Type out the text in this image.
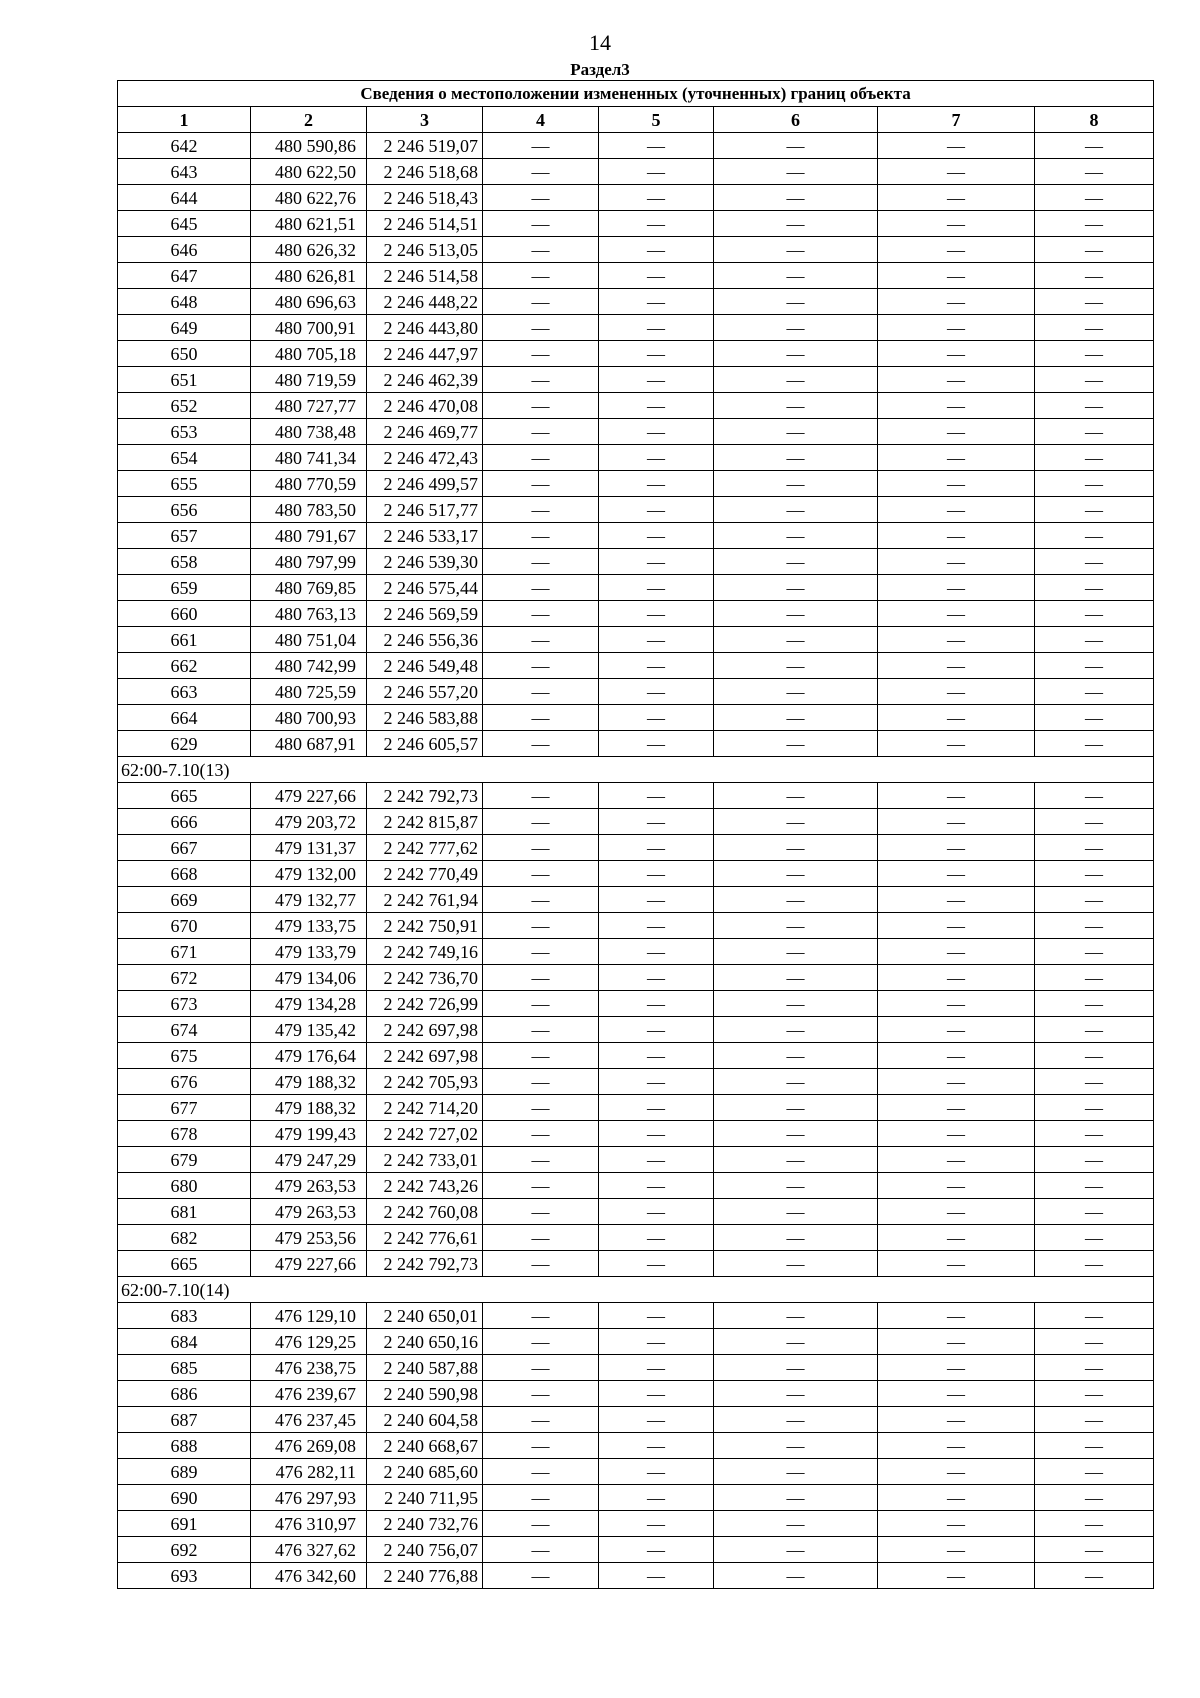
14
Раздел3
Сведения о местоположении измененных (уточненных) границ объекта							
1	2	3	4	5	6	7	8
642	480 590,86	2 246 519,07	—	—	—	—	—
643	480 622,50	2 246 518,68	—	—	—	—	—
644	480 622,76	2 246 518,43	—	—	—	—	—
645	480 621,51	2 246 514,51	—	—	—	—	—
646	480 626,32	2 246 513,05	—	—	—	—	—
647	480 626,81	2 246 514,58	—	—	—	—	—
648	480 696,63	2 246 448,22	—	—	—	—	—
649	480 700,91	2 246 443,80	—	—	—	—	—
650	480 705,18	2 246 447,97	—	—	—	—	—
651	480 719,59	2 246 462,39	—	—	—	—	—
652	480 727,77	2 246 470,08	—	—	—	—	—
653	480 738,48	2 246 469,77	—	—	—	—	—
654	480 741,34	2 246 472,43	—	—	—	—	—
655	480 770,59	2 246 499,57	—	—	—	—	—
656	480 783,50	2 246 517,77	—	—	—	—	—
657	480 791,67	2 246 533,17	—	—	—	—	—
658	480 797,99	2 246 539,30	—	—	—	—	—
659	480 769,85	2 246 575,44	—	—	—	—	—
660	480 763,13	2 246 569,59	—	—	—	—	—
661	480 751,04	2 246 556,36	—	—	—	—	—
662	480 742,99	2 246 549,48	—	—	—	—	—
663	480 725,59	2 246 557,20	—	—	—	—	—
664	480 700,93	2 246 583,88	—	—	—	—	—
629	480 687,91	2 246 605,57	—	—	—	—	—
62:00-7.10(13)							
665	479 227,66	2 242 792,73	—	—	—	—	—
666	479 203,72	2 242 815,87	—	—	—	—	—
667	479 131,37	2 242 777,62	—	—	—	—	—
668	479 132,00	2 242 770,49	—	—	—	—	—
669	479 132,77	2 242 761,94	—	—	—	—	—
670	479 133,75	2 242 750,91	—	—	—	—	—
671	479 133,79	2 242 749,16	—	—	—	—	—
672	479 134,06	2 242 736,70	—	—	—	—	—
673	479 134,28	2 242 726,99	—	—	—	—	—
674	479 135,42	2 242 697,98	—	—	—	—	—
675	479 176,64	2 242 697,98	—	—	—	—	—
676	479 188,32	2 242 705,93	—	—	—	—	—
677	479 188,32	2 242 714,20	—	—	—	—	—
678	479 199,43	2 242 727,02	—	—	—	—	—
679	479 247,29	2 242 733,01	—	—	—	—	—
680	479 263,53	2 242 743,26	—	—	—	—	—
681	479 263,53	2 242 760,08	—	—	—	—	—
682	479 253,56	2 242 776,61	—	—	—	—	—
665	479 227,66	2 242 792,73	—	—	—	—	—
62:00-7.10(14)							
683	476 129,10	2 240 650,01	—	—	—	—	—
684	476 129,25	2 240 650,16	—	—	—	—	—
685	476 238,75	2 240 587,88	—	—	—	—	—
686	476 239,67	2 240 590,98	—	—	—	—	—
687	476 237,45	2 240 604,58	—	—	—	—	—
688	476 269,08	2 240 668,67	—	—	—	—	—
689	476 282,11	2 240 685,60	—	—	—	—	—
690	476 297,93	2 240 711,95	—	—	—	—	—
691	476 310,97	2 240 732,76	—	—	—	—	—
692	476 327,62	2 240 756,07	—	—	—	—	—
693	476 342,60	2 240 776,88	—	—	—	—	—
